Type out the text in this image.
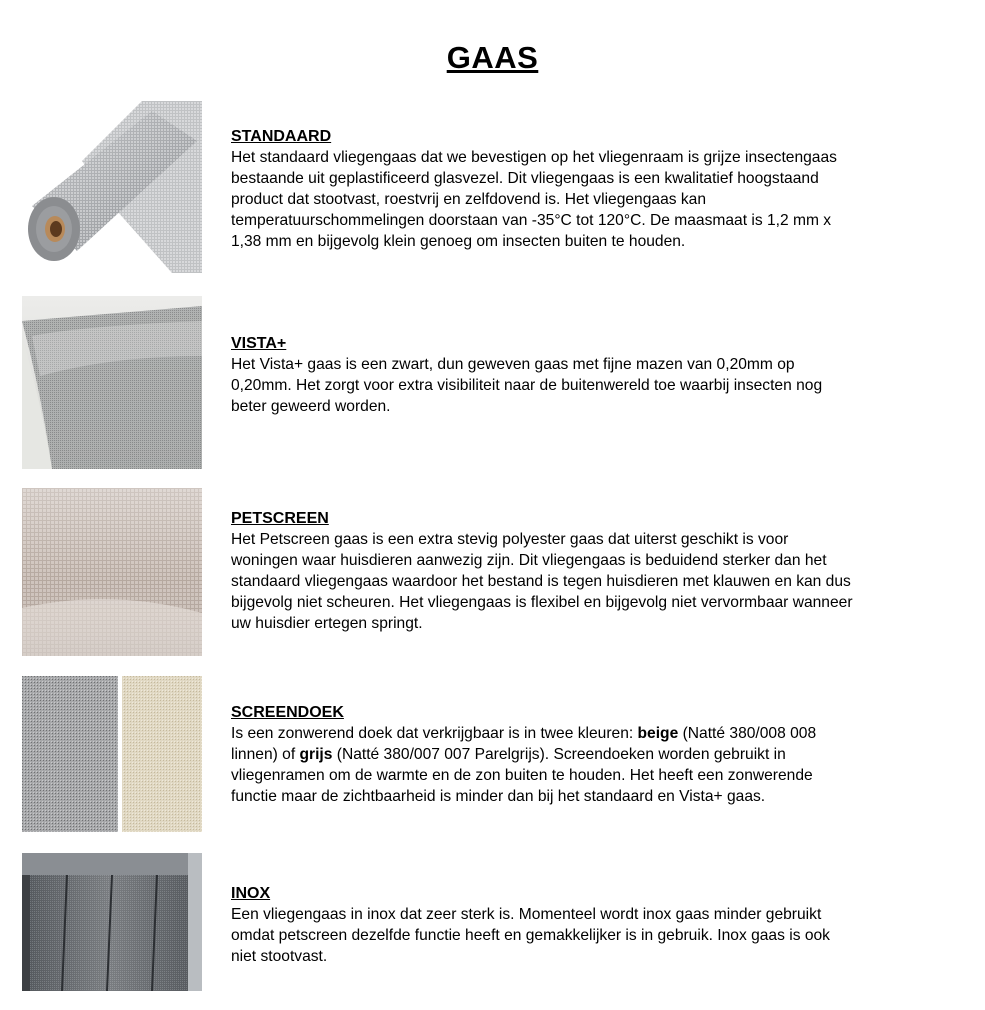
GAAS
STANDAARD
Het standaard vliegengaas dat we bevestigen op het vliegenraam is grijze insectengaas
bestaande uit geplastificeerd glasvezel. Dit vliegengaas is een kwalitatief hoogstaand
product dat stootvast, roestvrij en zelfdovend is. Het vliegengaas kan
temperatuurschommelingen doorstaan van -35°C tot 120°C. De maasmaat is 1,2 mm x
1,38 mm en bijgevolg klein genoeg om insecten buiten te houden.
VISTA+
Het Vista+ gaas is een zwart, dun geweven gaas met fijne mazen van 0,20mm op
0,20mm. Het zorgt voor extra visibiliteit naar de buitenwereld toe waarbij insecten nog
beter geweerd worden.
PETSCREEN
Het Petscreen gaas is een extra stevig polyester gaas dat uiterst geschikt is voor
woningen waar huisdieren aanwezig zijn. Dit vliegengaas is beduidend sterker dan het
standaard vliegengaas waardoor het bestand is tegen huisdieren met klauwen en kan dus
bijgevolg niet scheuren. Het vliegengaas is flexibel en bijgevolg niet vervormbaar wanneer
uw huisdier ertegen springt.
SCREENDOEK
Is een zonwerend doek dat verkrijgbaar is in twee kleuren: beige (Natté 380/008 008
linnen) of grijs (Natté 380/007 007 Parelgrijs). Screendoeken worden gebruikt in
vliegenramen om de warmte en de zon buiten te houden. Het heeft een zonwerende
functie maar de zichtbaarheid is minder dan bij het standaard en Vista+ gaas.
INOX
Een vliegengaas in inox dat zeer sterk is. Momenteel wordt inox gaas minder gebruikt
omdat petscreen dezelfde functie heeft en gemakkelijker is in gebruik. Inox gaas is ook
niet stootvast.
